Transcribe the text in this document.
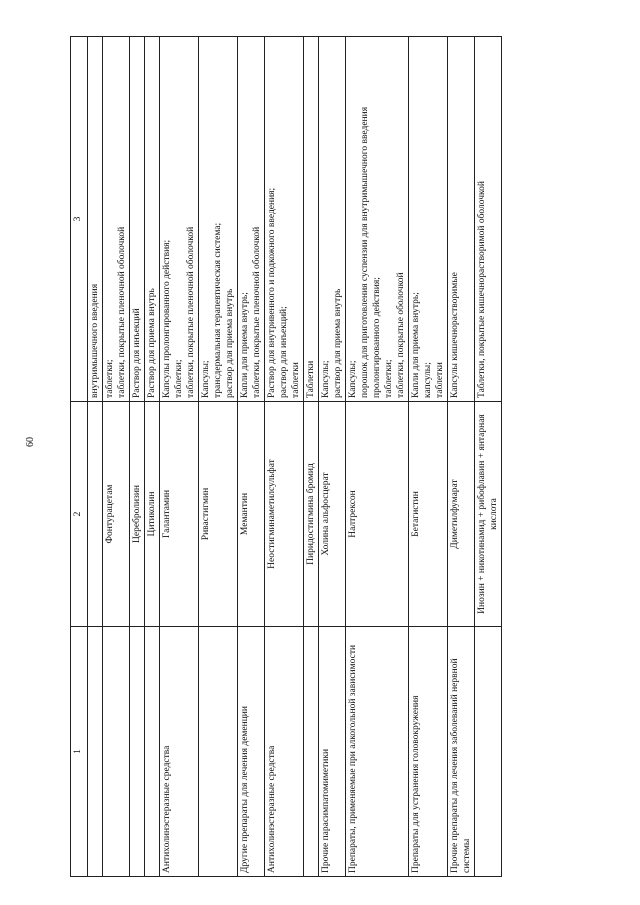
60
1	2	3
		внутримышечного введения
	Фонтурацетам	таблетки; таблетки, покрытые пленочной оболочкой
	Церебролизин	Раствор для инъекций
	Цитиколин	Раствор для приема внутрь
Антихолинэстеразные средства	Галантамин	Капсулы пролонгированного действия; таблетки; таблетки, покрытые пленочной оболочкой
	Ривастигмин	Капсулы; трансдермальная терапевтическая система; раствор для приема внутрь
Другие препараты для лечения деменции	Мемантин	Капли для приема внутрь; таблетки, покрытые пленочной оболочкой
Антихолинэстеразные средства	Неостигминаметилсульфат	Раствор для внутривенного и подкожного введения; раствор для инъекций; таблетки
	Пиридостигмина бромид	Таблетки
Прочие парасимпатомиметики	Холина альфосцерат	Капсулы; раствор для приема внутрь
Препараты, применяемые при алкогольной зависимости	Налтрексон	Капсулы; порошок для приготовления суспензии для внутримышечного введения пролонгированного действия; таблетки; таблетки, покрытые оболочкой
Препараты для устранения головокружения	Бетагистин	Капли для приема внутрь; капсулы; таблетки
Прочие препараты для лечения заболеваний нервной системы	Диметилфумарат	Капсулы кишечнорастворимые
	Инозин + никотинамид + рибофлавин + янтарная кислота	Таблетки, покрытые кишечнорастворимой оболочкой
